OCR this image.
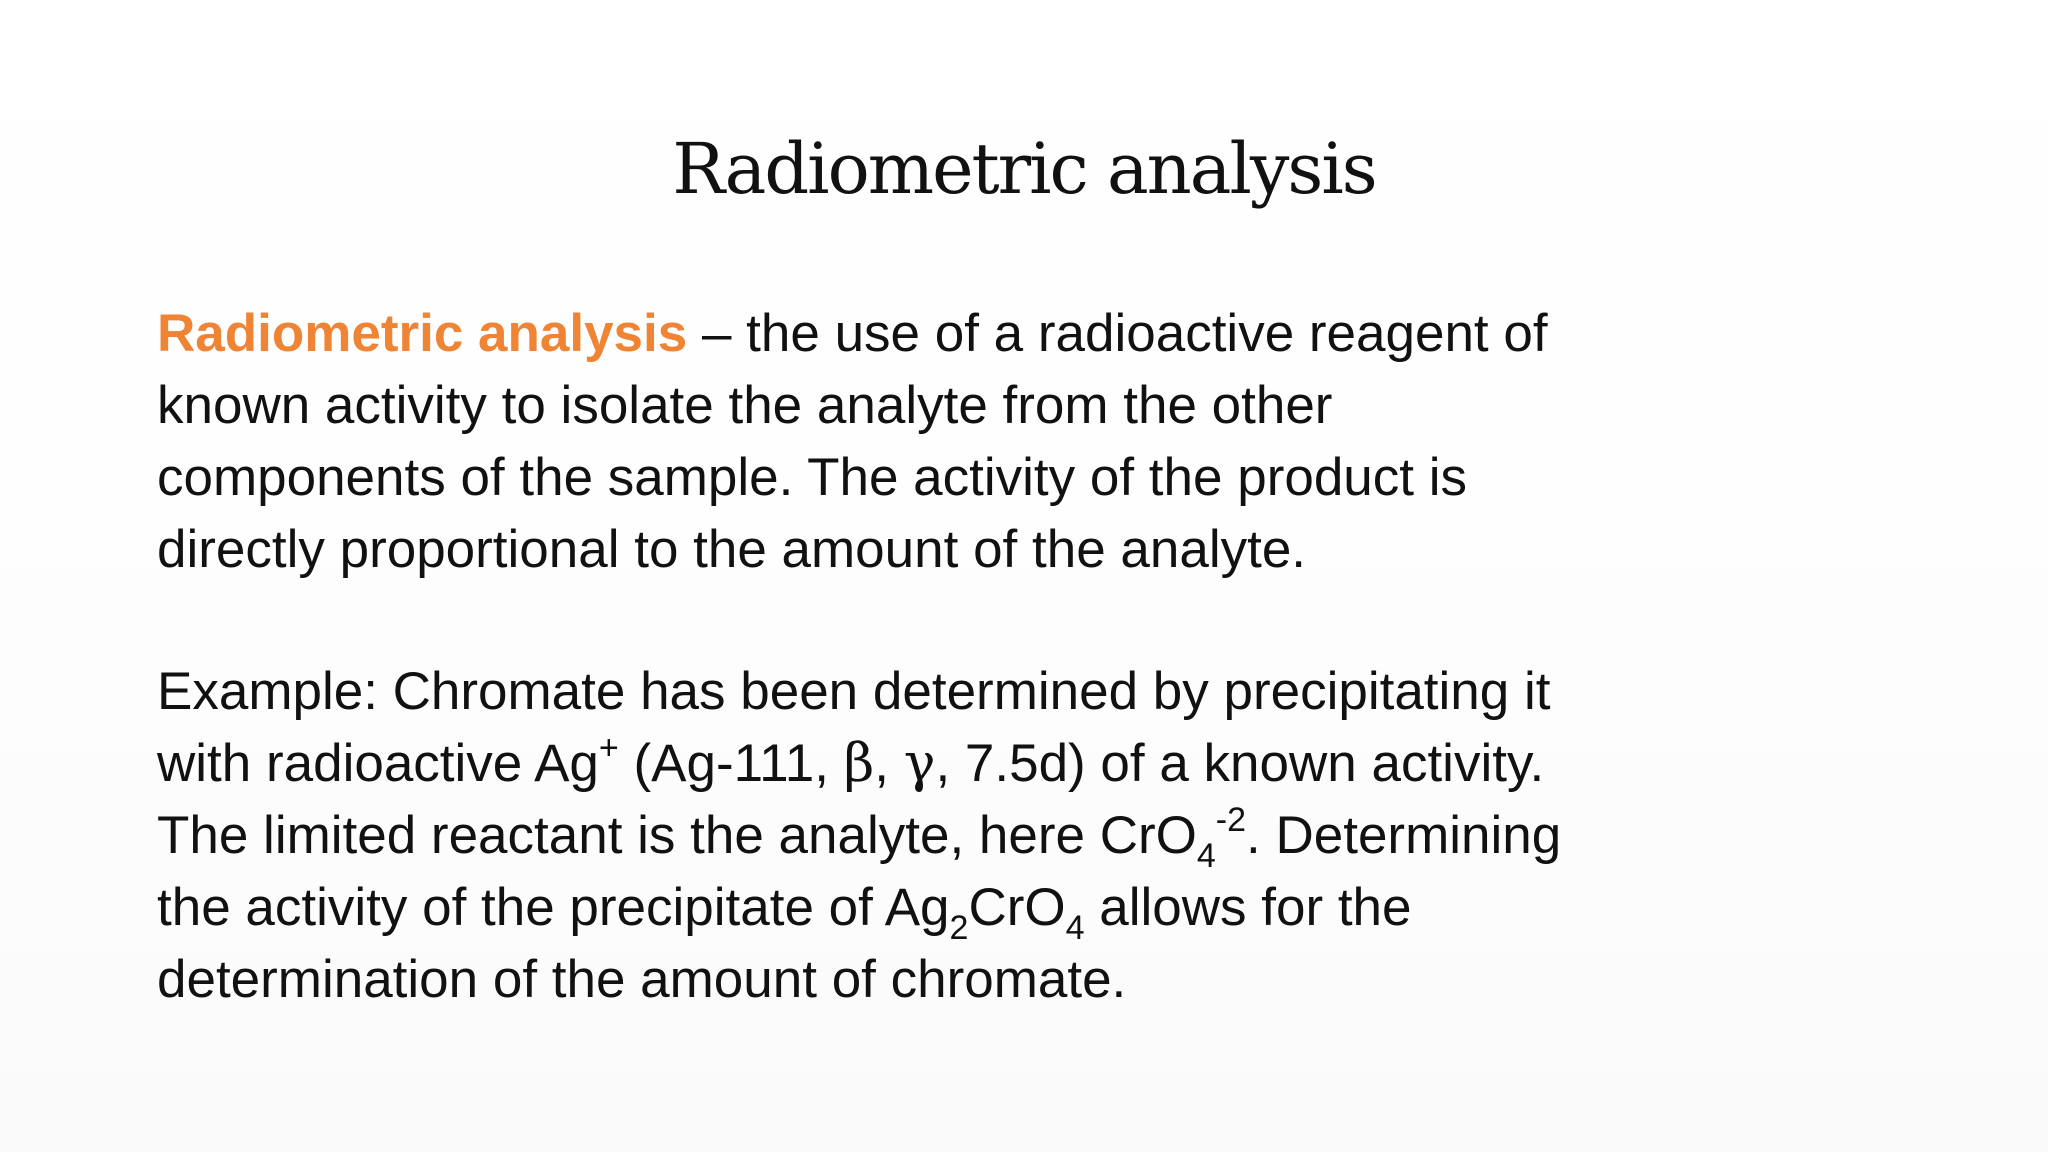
Radiometric analysis
Radiometric analysis – the use of a radioactive reagent of
known activity to isolate the analyte from the other
components of the sample. The activity of the product is
directly proportional to the amount of the analyte.
Example: Chromate has been determined by precipitating it
with radioactive Ag+ (Ag-111, β, γ, 7.5d) of a known activity.
The limited reactant is the analyte, here CrO$_4^{-2}$. Determining
the activity of the precipitate of $Ag_2CrO_4$ allows for the
determination of the amount of chromate.
